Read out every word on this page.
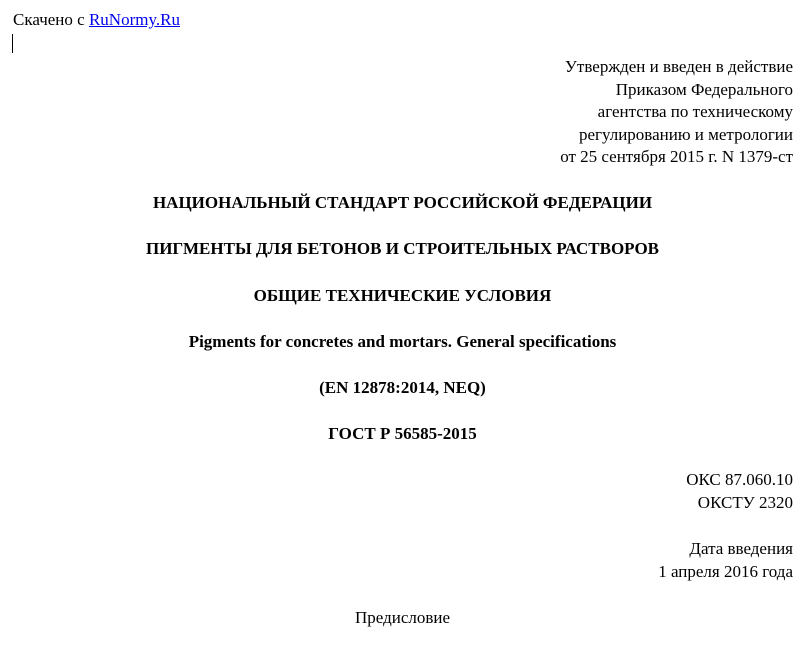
Скачено с RuNormy.Ru
Утвержден и введен в действие
Приказом Федерального
агентства по техническому
регулированию и метрологии
от 25 сентября 2015 г. N 1379-ст
НАЦИОНАЛЬНЫЙ СТАНДАРТ РОССИЙСКОЙ ФЕДЕРАЦИИ
ПИГМЕНТЫ ДЛЯ БЕТОНОВ И СТРОИТЕЛЬНЫХ РАСТВОРОВ
ОБЩИЕ ТЕХНИЧЕСКИЕ УСЛОВИЯ
Pigments for concretes and mortars. General specifications
(EN 12878:2014, NEQ)
ГОСТ Р 56585-2015
ОКС 87.060.10
ОКСТУ 2320
Дата введения
1 апреля 2016 года
Предисловие
